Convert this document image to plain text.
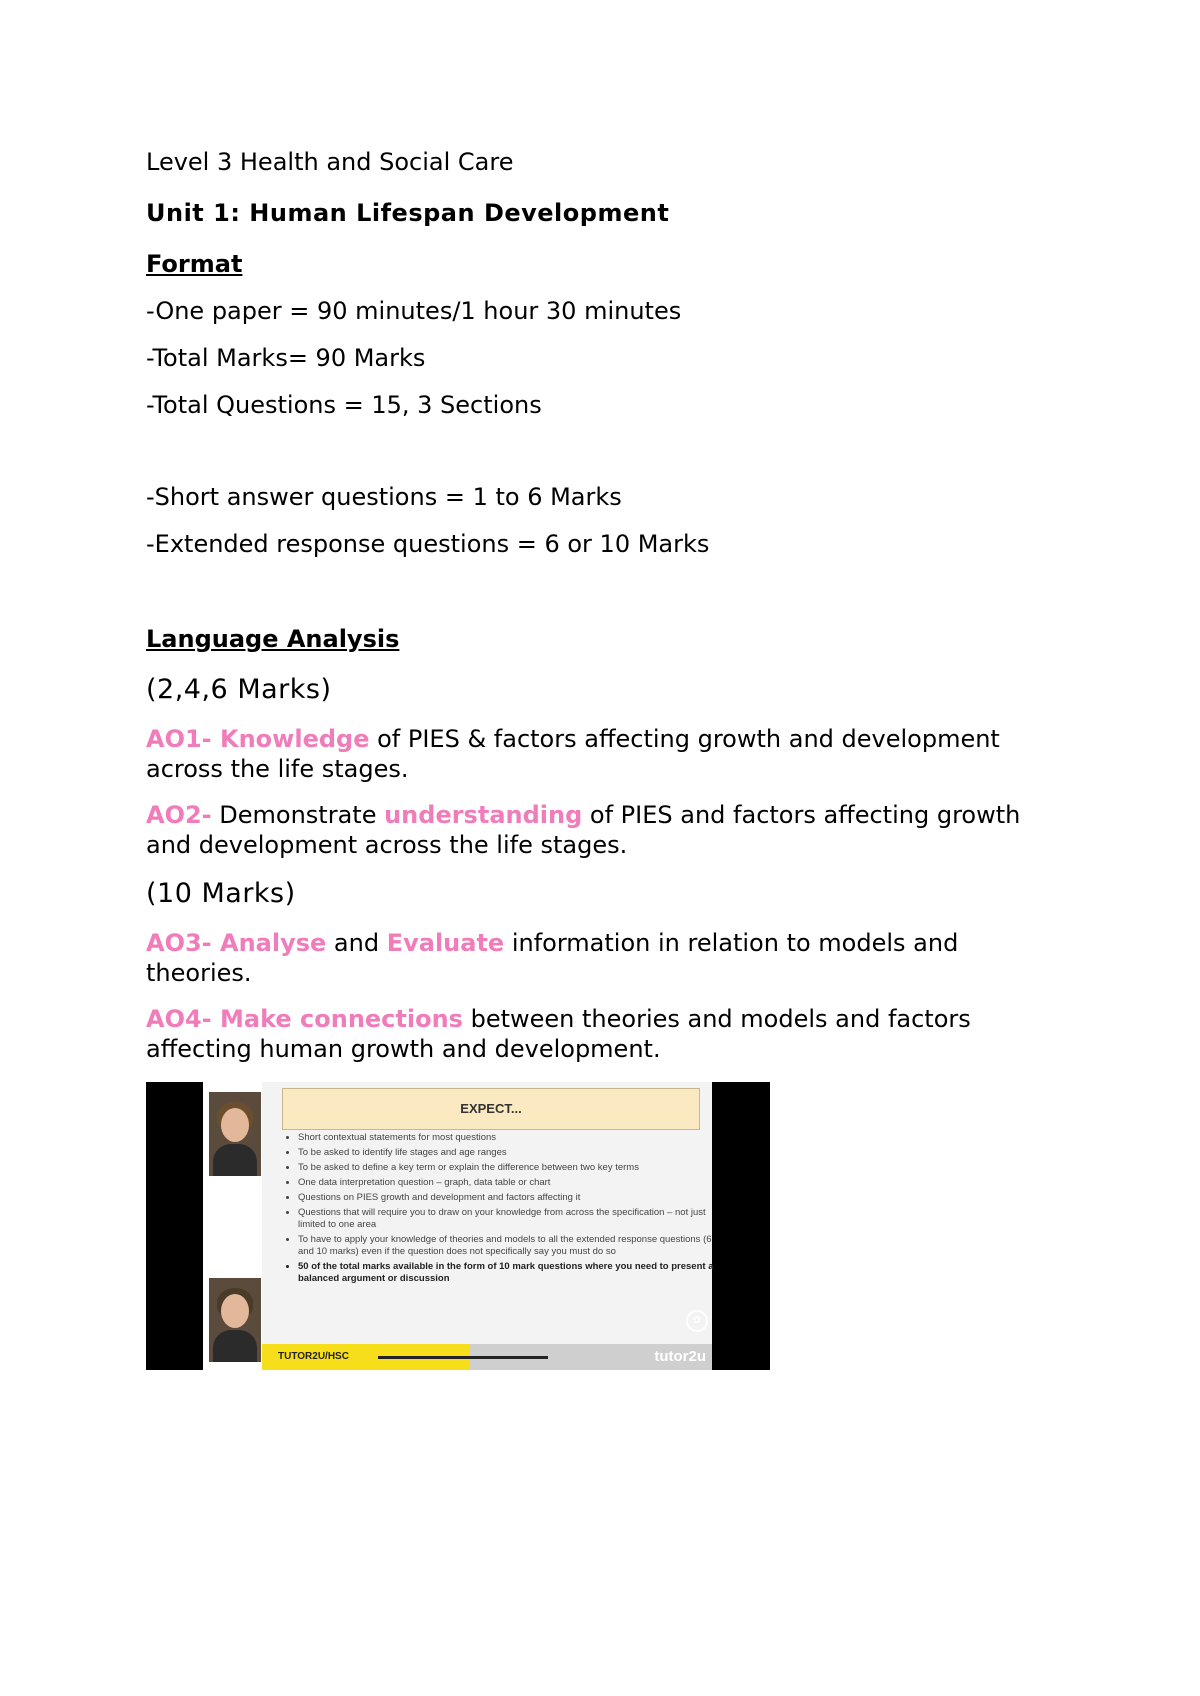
Level 3 Health and Social Care
Unit 1: Human Lifespan Development
Format
-One paper = 90 minutes/1 hour 30 minutes
-Total Marks= 90 Marks
-Total Questions = 15, 3 Sections
-Short answer questions = 1 to 6 Marks
-Extended response questions = 6 or 10 Marks
Language Analysis
(2,4,6 Marks)
AO1- Knowledge of PIES & factors affecting growth and development across the life stages.
AO2- Demonstrate understanding of PIES and factors affecting growth and development across the life stages.
(10 Marks)
AO3- Analyse and Evaluate information in relation to models and theories.
AO4- Make connections between theories and models and factors affecting human growth and development.
EXPECT...
• Short contextual statements for most questions
• To be asked to identify life stages and age ranges
• To be asked to define a key term or explain the difference between two key terms
• One data interpretation question – graph, data table or chart
• Questions on PIES growth and development and factors affecting it
• Questions that will require you to draw on your knowledge from across the specification – not just limited to one area
• To have to apply your knowledge of theories and models to all the extended response questions (6 and 10 marks) even if the question does not specifically say you must do so
• 50 of the total marks available in the form of 10 mark questions where you need to present a balanced argument or discussion
TUTOR2U/HSC	tutor2u
✿
